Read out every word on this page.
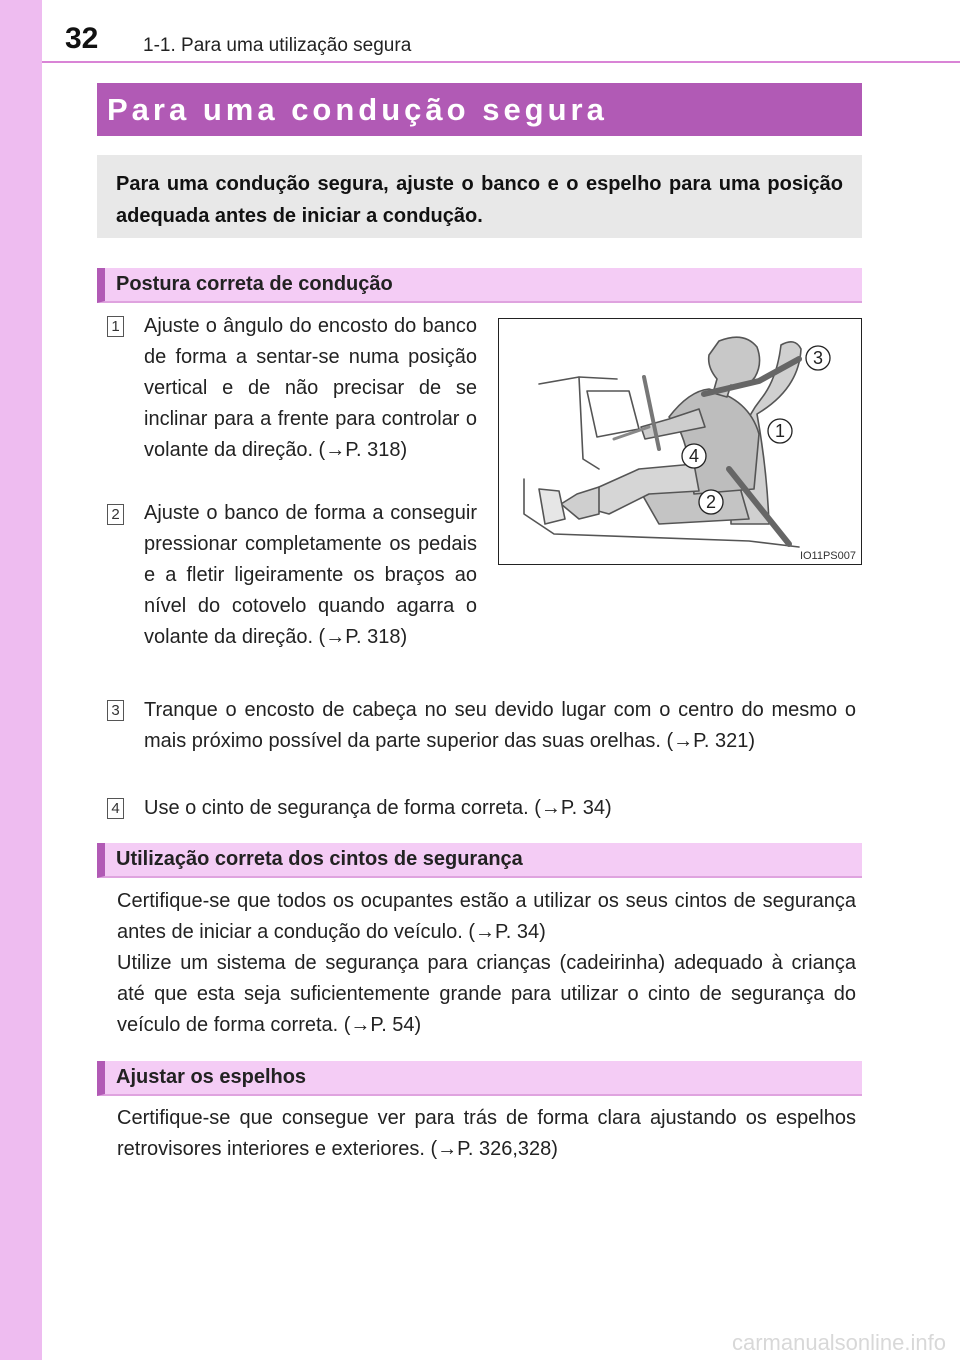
32 1-1. Para uma utilização segura
Para uma condução segura
Para uma condução segura, ajuste o banco e o espelho para uma posição adequada antes de iniciar a condução.
Postura correta de condução
1 Ajuste o ângulo do encosto do banco de forma a sentar-se numa posição vertical e de não precisar de se inclinar para a frente para controlar o volante da direção. (→P. 318)
2 Ajuste o banco de forma a conseguir pressionar completamente os pedais e a fletir ligeiramente os braços ao nível do cotovelo quando agarra o volante da direção. (→P. 318)
3 Tranque o encosto de cabeça no seu devido lugar com o centro do mesmo o mais próximo possível da parte superior das suas orelhas. (→P. 321)
4 Use o cinto de segurança de forma correta. (→P. 34)
1
2
3
4
IO11PS007
Utilização correta dos cintos de segurança
Certifique-se que todos os ocupantes estão a utilizar os seus cintos de segurança antes de iniciar a condução do veículo. (→P. 34)
Utilize um sistema de segurança para crianças (cadeirinha) adequado à criança até que esta seja suficientemente grande para utilizar o cinto de segurança do veículo de forma correta. (→P. 54)
Ajustar os espelhos
Certifique-se que consegue ver para trás de forma clara ajustando os espelhos retrovisores interiores e exteriores. (→P. 326,328)
carmanualsonline.info
